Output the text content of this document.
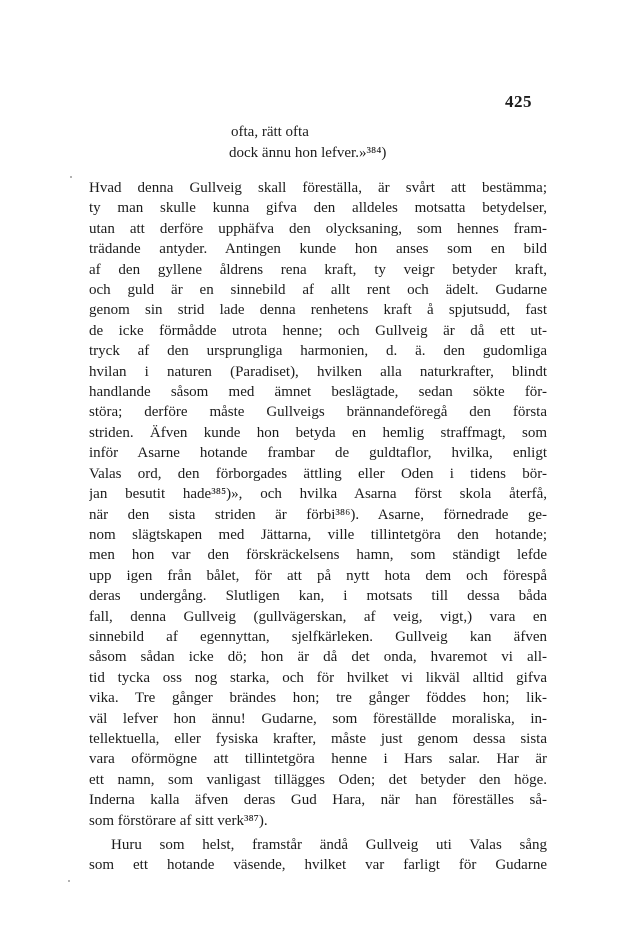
425
ofta, rätt ofta
dock ännu hon lefver.»³⁸⁴)
Hvad denna Gullveig skall föreställa, är svårt att bestämma;
ty man skulle kunna gifva den alldeles motsatta betydelser,
utan att derföre upphäfva den olycksaning, som hennes fram-
trädande antyder. Antingen kunde hon anses som en bild
af den gyllene åldrens rena kraft, ty veigr betyder kraft,
och guld är en sinnebild af allt rent och ädelt. Gudarne
genom sin strid lade denna renhetens kraft å spjutsudd, fast
de icke förmådde utrota henne; och Gullveig är då ett ut-
tryck af den ursprungliga harmonien, d. ä. den gudomliga
hvilan i naturen (Paradiset), hvilken alla naturkrafter, blindt
handlande såsom med ämnet beslägtade, sedan sökte för-
störa; derföre måste Gullveigs brännandeföregå den första
striden. Äfven kunde hon betyda en hemlig straffmagt, som
inför Asarne hotande frambar de guldtaflor, hvilka, enligt
Valas ord, den förborgades ättling eller Oden i tidens bör-
jan besutit hade³⁸⁵)», och hvilka Asarna först skola återfå,
när den sista striden är förbi³⁸⁶). Asarne, förnedrade ge-
nom slägtskapen med Jättarna, ville tillintetgöra den hotande;
men hon var den förskräckelsens hamn, som ständigt lefde
upp igen från bålet, för att på nytt hota dem och förespå
deras undergång. Slutligen kan, i motsats till dessa båda
fall, denna Gullveig (gullvägerskan, af veig, vigt,) vara en
sinnebild af egennyttan, sjelfkärleken. Gullveig kan äfven
såsom sådan icke dö; hon är då det onda, hvaremot vi all-
tid tycka oss nog starka, och för hvilket vi likväl alltid gifva
vika. Tre gånger brändes hon; tre gånger föddes hon; lik-
väl lefver hon ännu! Gudarne, som föreställde moraliska, in-
tellektuella, eller fysiska krafter, måste just genom dessa sista
vara oförmögne att tillintetgöra henne i Hars salar. Har är
ett namn, som vanligast tillägges Oden; det betyder den höge.
Inderna kalla äfven deras Gud Hara, när han föreställes så-
som förstörare af sitt verk³⁸⁷).
Huru som helst, framstår ändå Gullveig uti Valas sång
som ett hotande väsende, hvilket var farligt för Gudarne
